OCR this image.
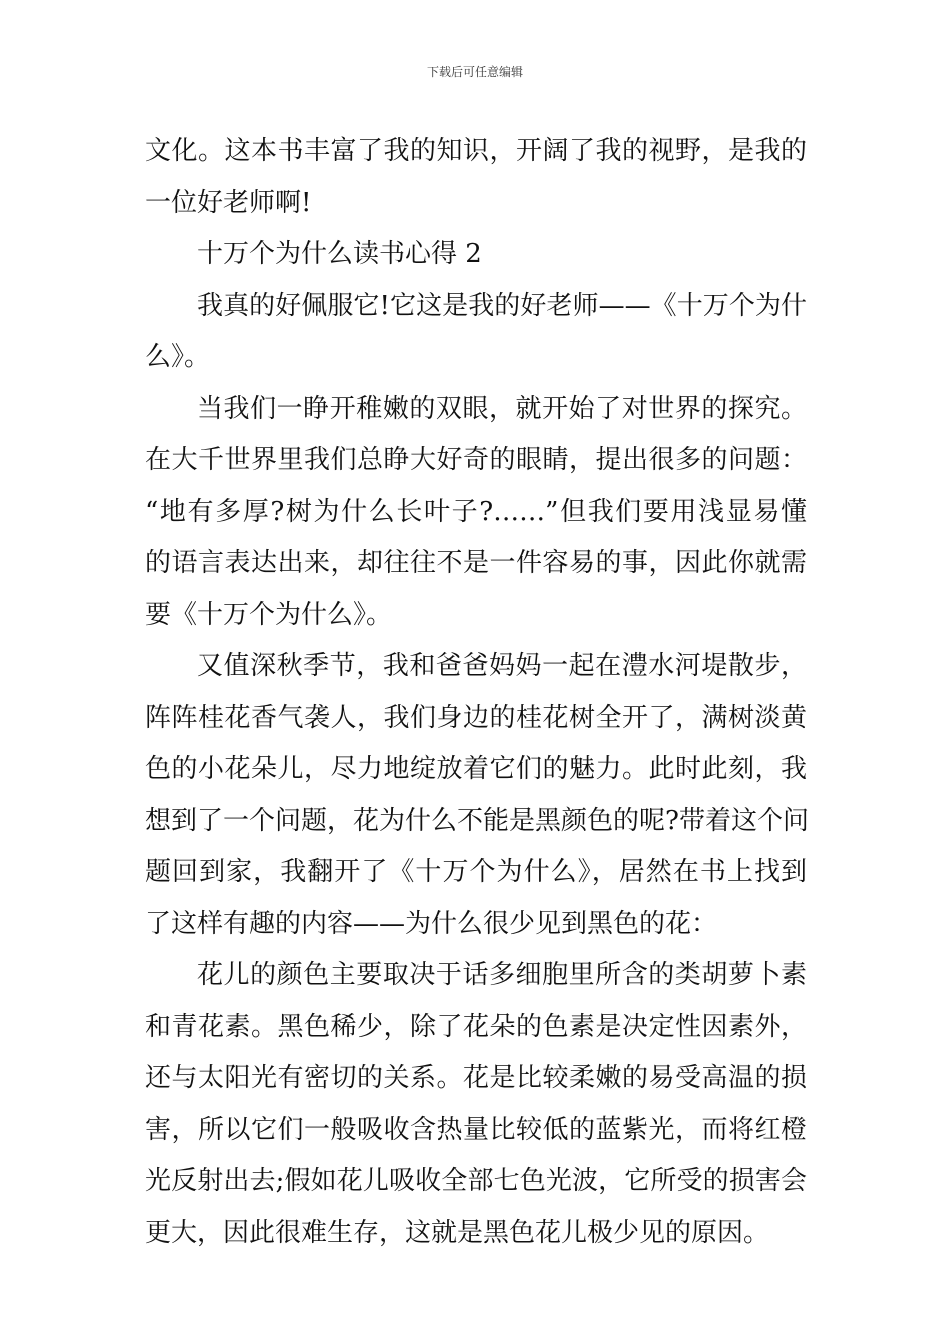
下载后可任意编辑
文化。这本书丰富了我的知识，开阔了我的视野，是我的
一位好老师啊!
十万个为什么读书心得 2
我真的好佩服它!它这是我的好老师——《十万个为什
么》。
当我们一睁开稚嫩的双眼，就开始了对世界的探究。
在大千世界里我们总睁大好奇的眼睛，提出很多的问题：
“地有多厚?树为什么长叶子?……”但我们要用浅显易懂
的语言表达出来，却往往不是一件容易的事，因此你就需
要《十万个为什么》。
又值深秋季节，我和爸爸妈妈一起在澧水河堤散步，
阵阵桂花香气袭人，我们身边的桂花树全开了，满树淡黄
色的小花朵儿，尽力地绽放着它们的魅力。此时此刻，我
想到了一个问题，花为什么不能是黑颜色的呢?带着这个问
题回到家，我翻开了《十万个为什么》，居然在书上找到
了这样有趣的内容——为什么很少见到黑色的花：
花儿的颜色主要取决于话多细胞里所含的类胡萝卜素
和青花素。黑色稀少，除了花朵的色素是决定性因素外，
还与太阳光有密切的关系。花是比较柔嫩的易受高温的损
害，所以它们一般吸收含热量比较低的蓝紫光，而将红橙
光反射出去;假如花儿吸收全部七色光波，它所受的损害会
更大，因此很难生存，这就是黑色花儿极少见的原因。
